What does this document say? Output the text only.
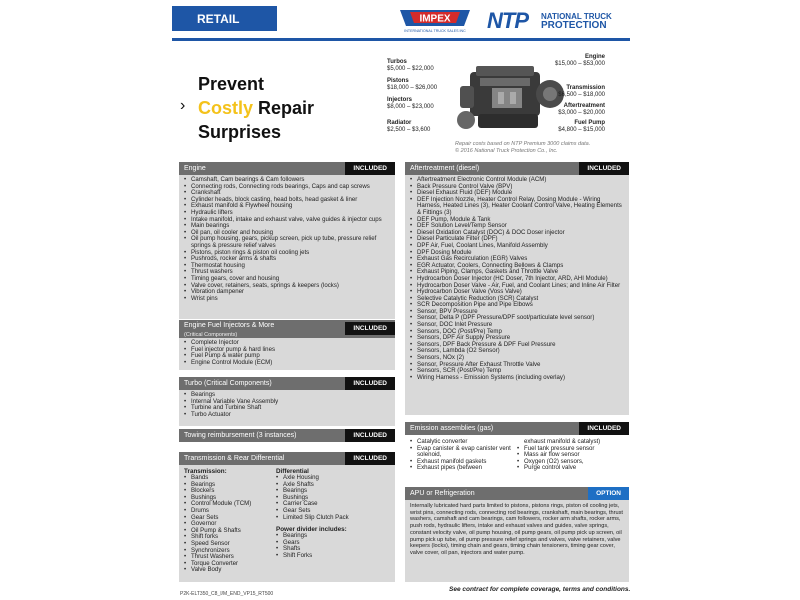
RETAIL	IMPEX
INTERNATIONAL TRUCK SALES INC NTP NATIONAL TRUCK
PROTECTION
›
Prevent
Costly Repair
Surprises
Turbos
$5,000 – $22,000
Pistons
$18,000 – $26,000
Injectors
$8,000 – $23,000
Radiator
$2,500 – $3,600
Engine
$15,000 – $53,000
Transmission
$6,500 – $18,000
Aftertreatment
$3,000 – $20,000
Fuel Pump
$4,800 – $15,000
Repair costs based on NTP Premium 3000 claims data.
© 2016 National Truck Protection Co., Inc.
Engine	INCLUDED
• Camshaft, Cam bearings & Cam followers
• Connecting rods, Connecting rods bearings, Caps and cap screws
• Crankshaft
• Cylinder heads, block casting, head bolts, head gasket & liner
• Exhaust manifold & Flywheel housing
• Hydraulic lifters
• Intake manifold, intake and exhaust valve, valve guides & injector cups
• Main bearings
• Oil pan, oil cooler and housing
• Oil pump housing, gears, pickup screen, pick up tube, pressure relief springs & pressure relief valves
• Pistons, piston rings & piston oil cooling jets
• Pushrods, rocker arms & shafts
• Thermostat housing
• Thrust washers
• Timing gears, cover and housing
• Valve cover, retainers, seats, springs & keepers (locks)
• Vibration dampener
• Wrist pins
Engine Fuel Injectors & More
(Critical Components)
INCLUDED
• Complete Injector
• Fuel injector pump & hard lines
• Fuel Pump & water pump
• Engine Control Module (ECM)
Turbo (Critical Components)	INCLUDED
• Bearings
• Internal Variable Vane Assembly
• Turbine and Turbine Shaft
• Turbo Actuator
Towing reimbursement (3 instances)	INCLUDED
Transmission & Rear Differential	INCLUDED
Transmission:
• Bands
• Bearings
• Blockers
• Bushings
• Control Module (TCM)
• Drums
• Gear Sets
• Governor
• Oil Pump & Shafts
• Shift forks
• Speed Sensor
• Synchronizers
• Thrust Washers
• Torque Converter
• Valve Body
Differential
• Axle Housing
• Axle Shafts
• Bearings
• Bushings
• Carrier Case
• Gear Sets
• Limited Slip Clutch Pack
Power divider includes:
• Bearings
• Gears
• Shafts
• Shift Forks
Aftertreatment (diesel)	INCLUDED
• Aftertreatment Electronic Control Module (ACM)
• Back Pressure Control Valve (BPV)
• Diesel Exhaust Fluid (DEF) Module
• DEF Injection Nozzle, Heater Control Relay, Dosing Module - Wiring Harness, Heated Lines (3), Heater Coolant Control Valve, Heating Elements & Fittings (3)
• DEF Pump, Module & Tank
• DEF Solution Level/Temp Sensor
• Diesel Oxidation Catalyst (DOC) & DOC Doser injector
• Diesel Particulate Filter (DPF)
• DPF Air, Fuel, Coolant Lines, Manifold Assembly
• DPF Dosing Module
• Exhaust Gas Recirculation (EGR) Valves
• EGR Actuator, Coolers, Connecting Bellows & Clamps
• Exhaust Piping, Clamps, Gaskets and Throttle Valve
• Hydrocarbon Doser Injector (HC Doser, 7th Injector, ARD, AHI Module)
• Hydrocarbon Doser Valve - Air, Fuel, and Coolant Lines; and Inline Air Filter
• Hydrocarbon Doser Valve (Voss Valve)
• Selective Catalytic Reduction (SCR) Catalyst
• SCR Decomposition Pipe and Pipe Elbows
• Sensor, BPV Pressure
• Sensor, Delta P (DPF Pressure/DPF soot/particulate level sensor)
• Sensor, DOC Inlet Pressure
• Sensors, DOC (Post/Pre) Temp
• Sensors, DPF Air Supply Pressure
• Sensors, DPF Back Pressure & DPF Fuel Pressure
• Sensors, Lambda (O2 Sensor)
• Sensors, NOx (2)
• Sensor, Pressure After Exhaust Throttle Valve
• Sensors, SCR (Post/Pre) Temp
• Wiring Harness - Emission Systems (including overlay)
Emission assemblies (gas)	INCLUDED
• Catalytic converter
• Evap canister & evap canister vent solenoid,
• Exhaust manifold gaskets
• Exhaust pipes (between
exhaust manifold & catalyst)
• Fuel tank pressure sensor
• Mass air flow sensor
• Oxygen (O2) sensors,
• Purge control valve
APU or Refrigeration	OPTION
Internally lubricated hard parts limited to pistons, pistons rings, piston oil cooling jets, wrist pins, connecting rods, connecting rod bearings, crankshaft, main bearings, thrust washers, camshaft and cam bearings, cam followers, rocker arm shafts, rocker arms, push rods, hydraulic lifters, intake and exhaust valves and guides, valve springs, constant velocity valve, oil pump housing, oil pump gears, oil pump pick up screen, oil pump pick up tube, oil pump pressure relief springs and valves, valve retainers, valve keepers (locks), timing chain and gears, timing chain tensioners, timing gear cover, valve cover, oil pan, injectors and water pump.
P2K-ELT350_C8_I/M_END_VP15_RT500
See contract for complete coverage, terms and conditions.
